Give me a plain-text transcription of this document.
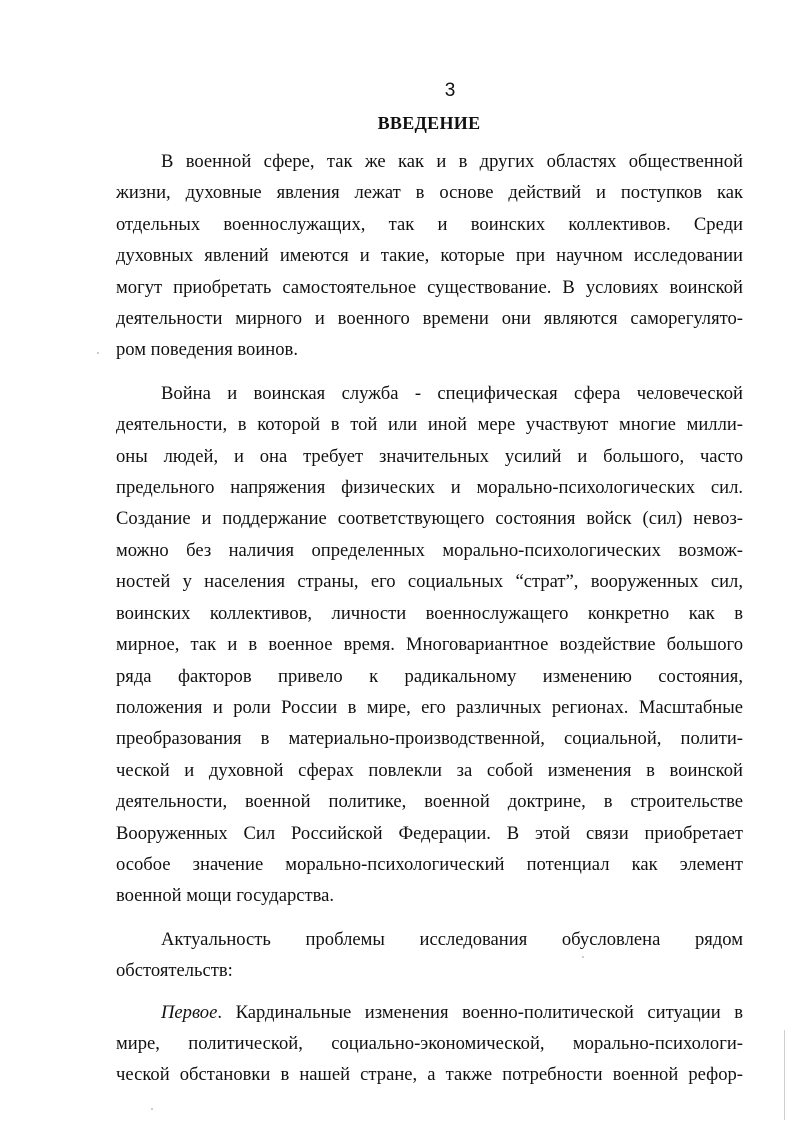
3
ВВЕДЕНИЕ

В военной сфере, так же как и в других областях общественной
жизни, духовные явления лежат в основе действий и поступков как
отдельных военнослужащих, так и воинских коллективов. Среди
духовных явлений имеются и такие, которые при научном исследовании
могут приобретать самостоятельное существование. В условиях воинской
деятельности мирного и военного времени они являются саморегулято-
ром поведения воинов.

Война и воинская служба - специфическая сфера человеческой
деятельности, в которой в той или иной мере участвуют многие милли-
оны людей, и она требует значительных усилий и большого, часто
предельного напряжения физических и морально-психологических сил.
Создание и поддержание соответствующего состояния войск (сил) невоз-
можно без наличия определенных морально-психологических возмож-
ностей у населения страны, его социальных “страт”, вооруженных сил,
воинских коллективов, личности военнослужащего конкретно как в
мирное, так и в военное время. Многовариантное воздействие большого
ряда факторов привело к радикальному изменению состояния,
положения и роли России в мире, его различных регионах. Масштабные
преобразования в материально-производственной, социальной, полити-
ческой и духовной сферах повлекли за собой изменения в воинской
деятельности, военной политике, военной доктрине, в строительстве
Вооруженных Сил Российской Федерации. В этой связи приобретает
особое значение морально-психологический потенциал как элемент
военной мощи государства.

Актуальность проблемы исследования обусловлена рядом
обстоятельств:

Первое. Кардинальные изменения военно-политической ситуации в
мире, политической, социально-экономической, морально-психологи-
ческой обстановки в нашей стране, а также потребности военной рефор-
